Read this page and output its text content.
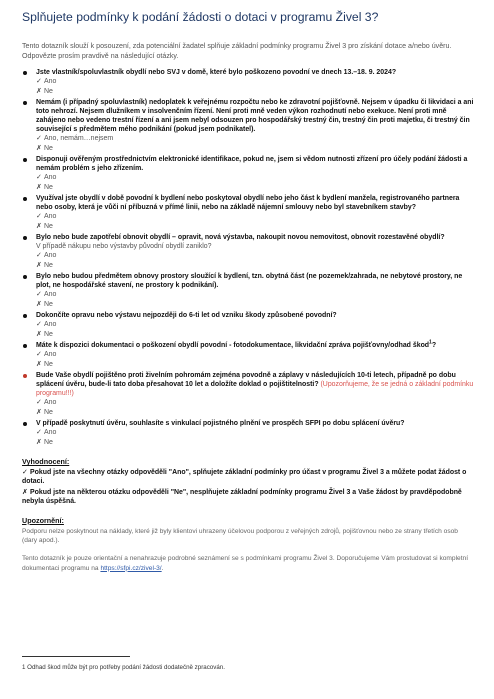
Splňujete podmínky k podání žádosti o dotaci v programu Živel 3?

Tento dotazník slouží k posouzení, zda potenciální žadatel splňuje základní podmínky programu Živel 3 pro získání dotace a/nebo úvěru. Odpovězte prosím pravdivě na následující otázky.

Jste vlastník/spoluvlastník obydlí nebo SVJ v domě, které bylo poškozeno povodní ve dnech 13.–18. 9. 2024?
✓ Ano
✗ Ne
Nemám (i případný spoluvlastník) nedoplatek k veřejnému rozpočtu nebo ke zdravotní pojišťovně. Nejsem v úpadku či likvidaci a ani toto nehrozí. Nejsem dlužníkem v insolvenčním řízení. Není proti mně veden výkon rozhodnutí nebo exekuce. Není proti mně zahájeno nebo vedeno trestní řízení a ani jsem nebyl odsouzen pro hospodářský trestný čin, trestný čin proti majetku, či trestný čin související s předmětem mého podnikání (pokud jsem podnikatel).
✓ Ano, nemám…nejsem
✗ Ne
Disponuji ověřeným prostřednictvím elektronické identifikace, pokud ne, jsem si vědom nutnosti zřízení pro účely podání žádosti a nemám problém s jeho zřízením.
✓ Ano
✗ Ne
Využíval jste obydlí v době povodní k bydlení nebo poskytoval obydlí nebo jeho část k bydlení manžela, registrovaného partnera nebo osoby, která je vůči ní příbuzná v přímé linii, nebo na základě nájemní smlouvy nebo byl stavebníkem stavby?
✓ Ano
✗ Ne
Bylo nebo bude zapotřebí obnovit obydlí – opravit, nová výstavba, nakoupit novou nemovitost, obnovit rozestavěné obydlí?
V případě nákupu nebo výstavby původní obydlí zaniklo?
✓ Ano
✗ Ne
Bylo nebo budou předmětem obnovy prostory sloužící k bydlení, tzn. obytná část (ne pozemek/zahrada, ne nebytové prostory, ne plot, ne hospodářské stavení, ne prostory k podnikání).
✓ Ano
✗ Ne
Dokončíte opravu nebo výstavu nejpozději do 6-ti let od vzniku škody způsobené povodní?
✓ Ano
✗ Ne
Máte k dispozici dokumentaci o poškození obydlí povodní - fotodokumentace, likvidační zpráva pojišťovny/odhad škod$^1$?
✓ Ano
✗ Ne
Bude Vaše obydlí pojištěno proti živelním pohromám zejména povodně a záplavy v následujících 10-ti letech, případně po dobu splácení úvěru, bude-li tato doba přesahovat 10 let a doložíte doklad o pojištitelnosti? (Upozorňujeme, že se jedná o základní podmínku programu!!!)
✓ Ano
✗ Ne
V případě poskytnutí úvěru, souhlasíte s vinkulací pojistného plnění ve prospěch SFPI po dobu splácení úvěru?
✓ Ano
✗ Ne
Vyhodnocení:
✓ Pokud jste na všechny otázky odpověděli "Ano", splňujete základní podmínky pro účast v programu Živel 3 a můžete podat žádost o dotaci.
✗ Pokud jste na některou otázku odpověděli "Ne", nesplňujete základní podmínky programu Živel 3 a Vaše žádost by pravděpodobně nebyla úspěšná.
Upozornění:
Podporu nelze poskytnout na náklady, které již byly klientovi uhrazeny účelovou podporou z veřejných zdrojů, pojišťovnou nebo ze strany třetích osob (dary apod.).
Tento dotazník je pouze orientační a nenahrazuje podrobné seznámení se s podmínkami programu Živel 3. Doporučujeme Vám prostudovat si kompletní dokumentaci programu na https://sfpi.cz/zivel-3/.
1 Odhad škod může být pro potřeby podání žádosti dodatečně zpracován.
